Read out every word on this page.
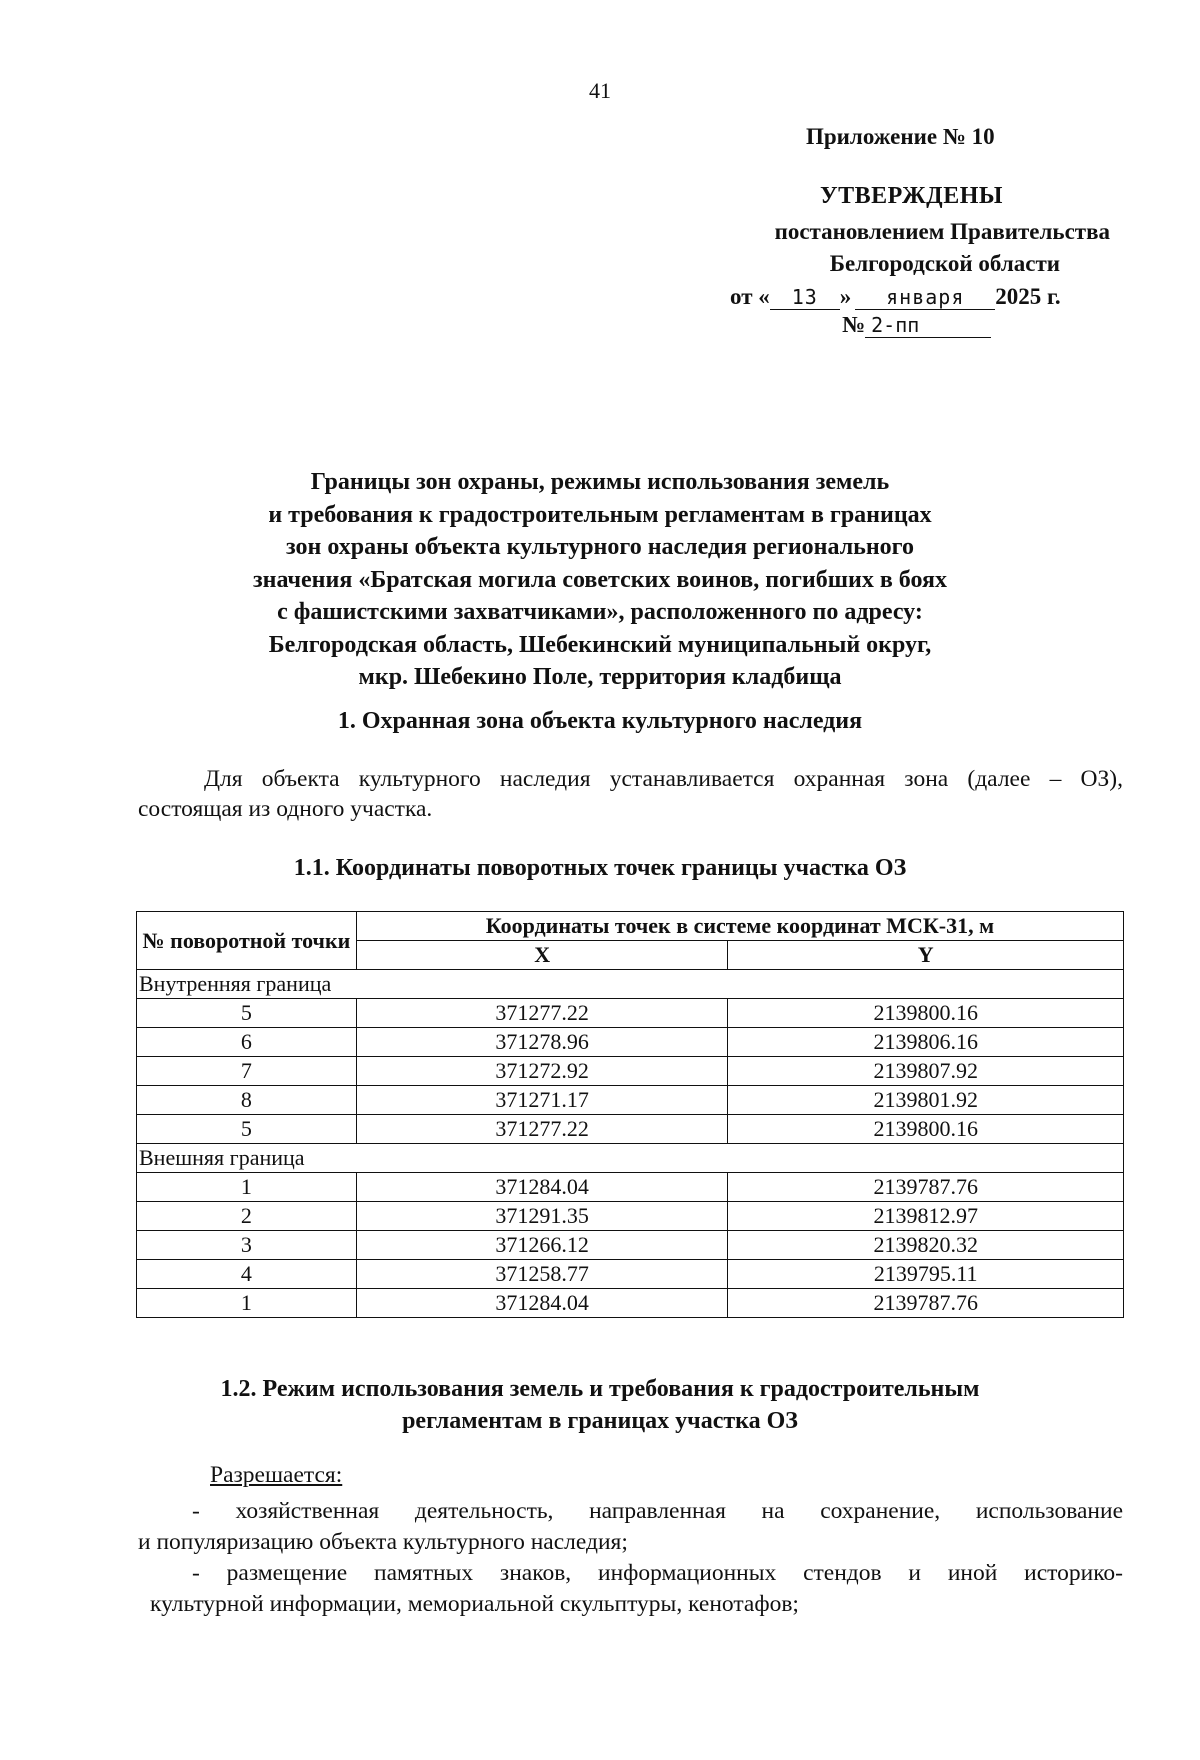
41
Приложение № 10
УТВЕРЖДЕНЫ
постановлением Правительства
Белгородской области
от « 13 » января 2025 г.
№ 2-пп
Границы зон охраны, режимы использования земель
и требования к градостроительным регламентам в границах
зон охраны объекта культурного наследия регионального
значения «Братская могила советских воинов, погибших в боях
с фашистскими захватчиками», расположенного по адресу:
Белгородская область, Шебекинский муниципальный округ,
мкр. Шебекино Поле, территория кладбища
1. Охранная зона объекта культурного наследия
Для объекта культурного наследия устанавливается охранная зона (далее – ОЗ),
состоящая из одного участка.
1.1. Координаты поворотных точек границы участка ОЗ
№ поворотной точки	Координаты точек в системе координат МСК-31, м	
	X	Y
Внутренняя граница		
5	371277.22	2139800.16
6	371278.96	2139806.16
7	371272.92	2139807.92
8	371271.17	2139801.92
5	371277.22	2139800.16
Внешняя граница		
1	371284.04	2139787.76
2	371291.35	2139812.97
3	371266.12	2139820.32
4	371258.77	2139795.11
1	371284.04	2139787.76
1.2. Режим использования земель и требования к градостроительным
регламентам в границах участка ОЗ
Разрешается:

- хозяйственная деятельность, направленная на сохранение, использование

и популяризацию объекта культурного наследия;

- размещение памятных знаков, информационных стендов и иной историко-

культурной информации, мемориальной скульптуры, кенотафов;
